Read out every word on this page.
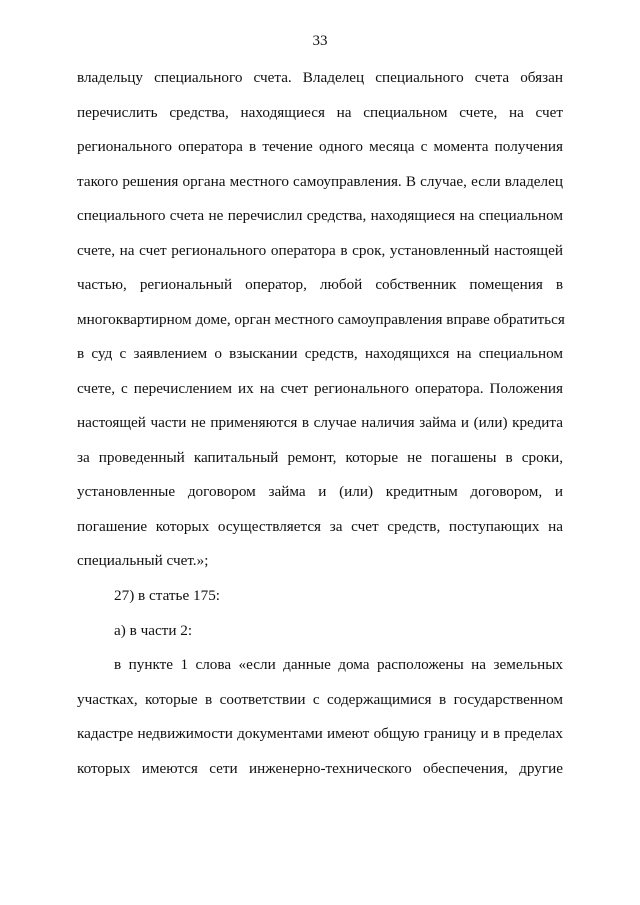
33
владельцу специального счета. Владелец специального счета обязан
перечислить средства, находящиеся на специальном счете, на счет
регионального оператора в течение одного месяца с момента получения
такого решения органа местного самоуправления. В случае, если владелец
специального счета не перечислил средства, находящиеся на специальном
счете, на счет регионального оператора в срок, установленный настоящей
частью, региональный оператор, любой собственник помещения в
многоквартирном доме, орган местного самоуправления вправе обратиться
в суд с заявлением о взыскании средств, находящихся на специальном
счете, с перечислением их на счет регионального оператора. Положения
настоящей части не применяются в случае наличия займа и (или) кредита
за проведенный капитальный ремонт, которые не погашены в сроки,
установленные договором займа и (или) кредитным договором, и
погашение которых осуществляется за счет средств, поступающих на
специальный счет.»;
27) в статье 175:
а) в части 2:
в пункте 1 слова «если данные дома расположены на земельных
участках, которые в соответствии с содержащимися в государственном
кадастре недвижимости документами имеют общую границу и в пределах
которых имеются сети инженерно-технического обеспечения, другие
